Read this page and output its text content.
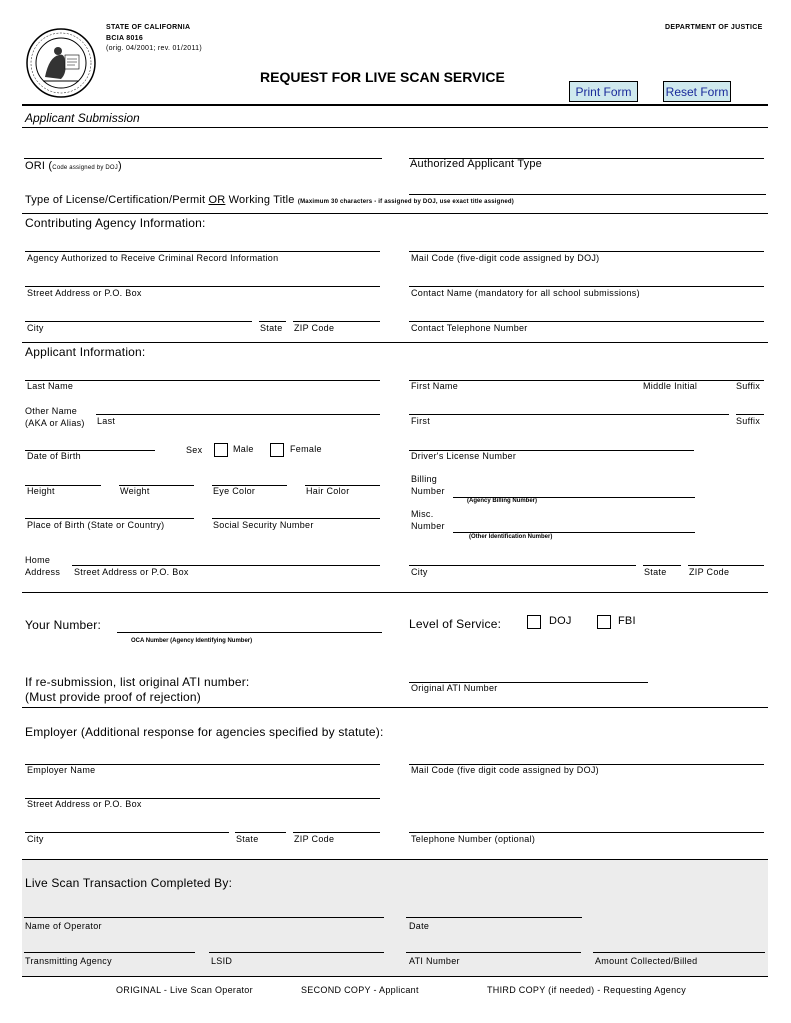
STATE OF CALIFORNIA
BCIA 8016
(orig. 04/2001; rev. 01/2011)
DEPARTMENT OF JUSTICE
REQUEST FOR LIVE SCAN SERVICE
Print Form	Reset Form
Applicant Submission
ORI (Code assigned by DOJ)	Authorized Applicant Type
Type of License/Certification/Permit OR Working Title (Maximum 30 characters - if assigned by DOJ, use exact title assigned)
Contributing Agency Information:
Agency Authorized to Receive Criminal Record Information	Mail Code (five-digit code assigned by DOJ)
Street Address or P.O. Box	Contact Name (mandatory for all school submissions)
City	State ZIP Code	Contact Telephone Number
Applicant Information:
Last Name	First Name	Middle Initial	Suffix
Other Name
(AKA or Alias) Last	First	Suffix
Date of Birth
Sex	Male	Female
Driver's License Number
Height	Weight	Eye Color	Hair Color
Billing
Number
(Agency Billing Number)
Place of Birth (State or Country)	Social Security Number
Misc.
Number
(Other Identification Number)
Home
Address Street Address or P.O. Box	City	State ZIP Code
Your Number:
OCA Number (Agency Identifying Number)
Level of Service:	DOJ	FBI
If re-submission, list original ATI number:
(Must provide proof of rejection)
Original ATI Number
Employer (Additional response for agencies specified by statute):
Employer Name	Mail Code (five digit code assigned by DOJ)
Street Address or P.O. Box
City	State	ZIP Code	Telephone Number (optional)
Live Scan Transaction Completed By:
Name of Operator	Date
Transmitting Agency	LSID	ATI Number	Amount Collected/Billed
ORIGINAL - Live Scan Operator	SECOND COPY - Applicant	THIRD COPY (if needed) - Requesting Agency
